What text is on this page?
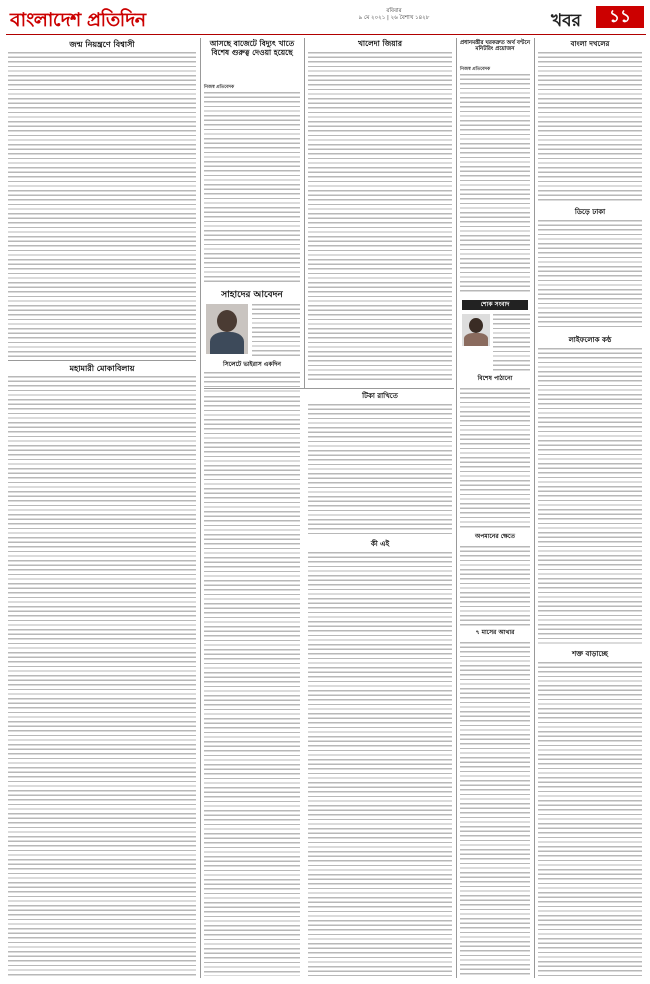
বাংলাদেশ প্রতিদিন	রবিবার
৯ মে ২০২১ | ২৬ বৈশাখ ১৪২৮	খবর	১১
জন্ম নিয়ন্ত্রণে বিশ্বাসী
মহামারী মোকাবিলায়
আসছে বাজেটে বিদ্যুৎ খাতে বিশেষ গুরুত্ব দেওয়া হয়েছে
নিজস্ব প্রতিবেদক
সাহাদের আবেদন
সিলেটে ভাইরাস একদিন
খালেদা জিয়ার
টিকা রাখিতে
কী এই
প্রধানমন্ত্রীর ঘরকদ্রুত অর্থ বণ্টনে মনিটরিং প্রয়োজন
নিজস্ব প্রতিবেদক
শোক সংবাদ
বিশেষ পাঠানো
অপমানের ক্ষেতে
৭ মাসের আথার
বাংলা দখলের
ডিড়ে ঢাকা
লাইফলোক কন্ঠ
শক্ত বাড়াচ্ছে
